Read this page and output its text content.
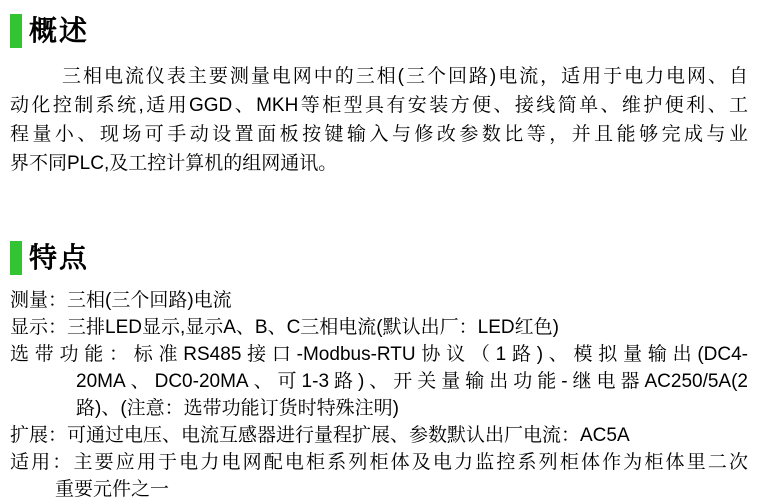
概述
三相电流仪表主要测量电网中的三相(三个回路)电流，适用于电力电网、自
动化控制系统,适用GGD、MKH等柜型具有安装方便、接线简单、维护便利、工
程量小、现场可手动设置面板按键输入与修改参数比等，并且能够完成与业
界不同PLC,及工控计算机的组网通讯。
特点
测量：三相(三个回路)电流
显示：三排LED显示,显示A、B、C三相电流(默认出厂：LED红色)
选带功能：标准RS485接口-Modbus-RTU协议（1路)、模拟量输出(DC4-
20MA、DC0-20MA、可1-3路)、开关量输出功能-继电器AC250/5A(2
路)、(注意：选带功能订货时特殊注明)
扩展：可通过电压、电流互感器进行量程扩展、参数默认出厂电流：AC5A
适用：主要应用于电力电网配电柜系列柜体及电力监控系列柜体作为柜体里二次
重要元件之一
